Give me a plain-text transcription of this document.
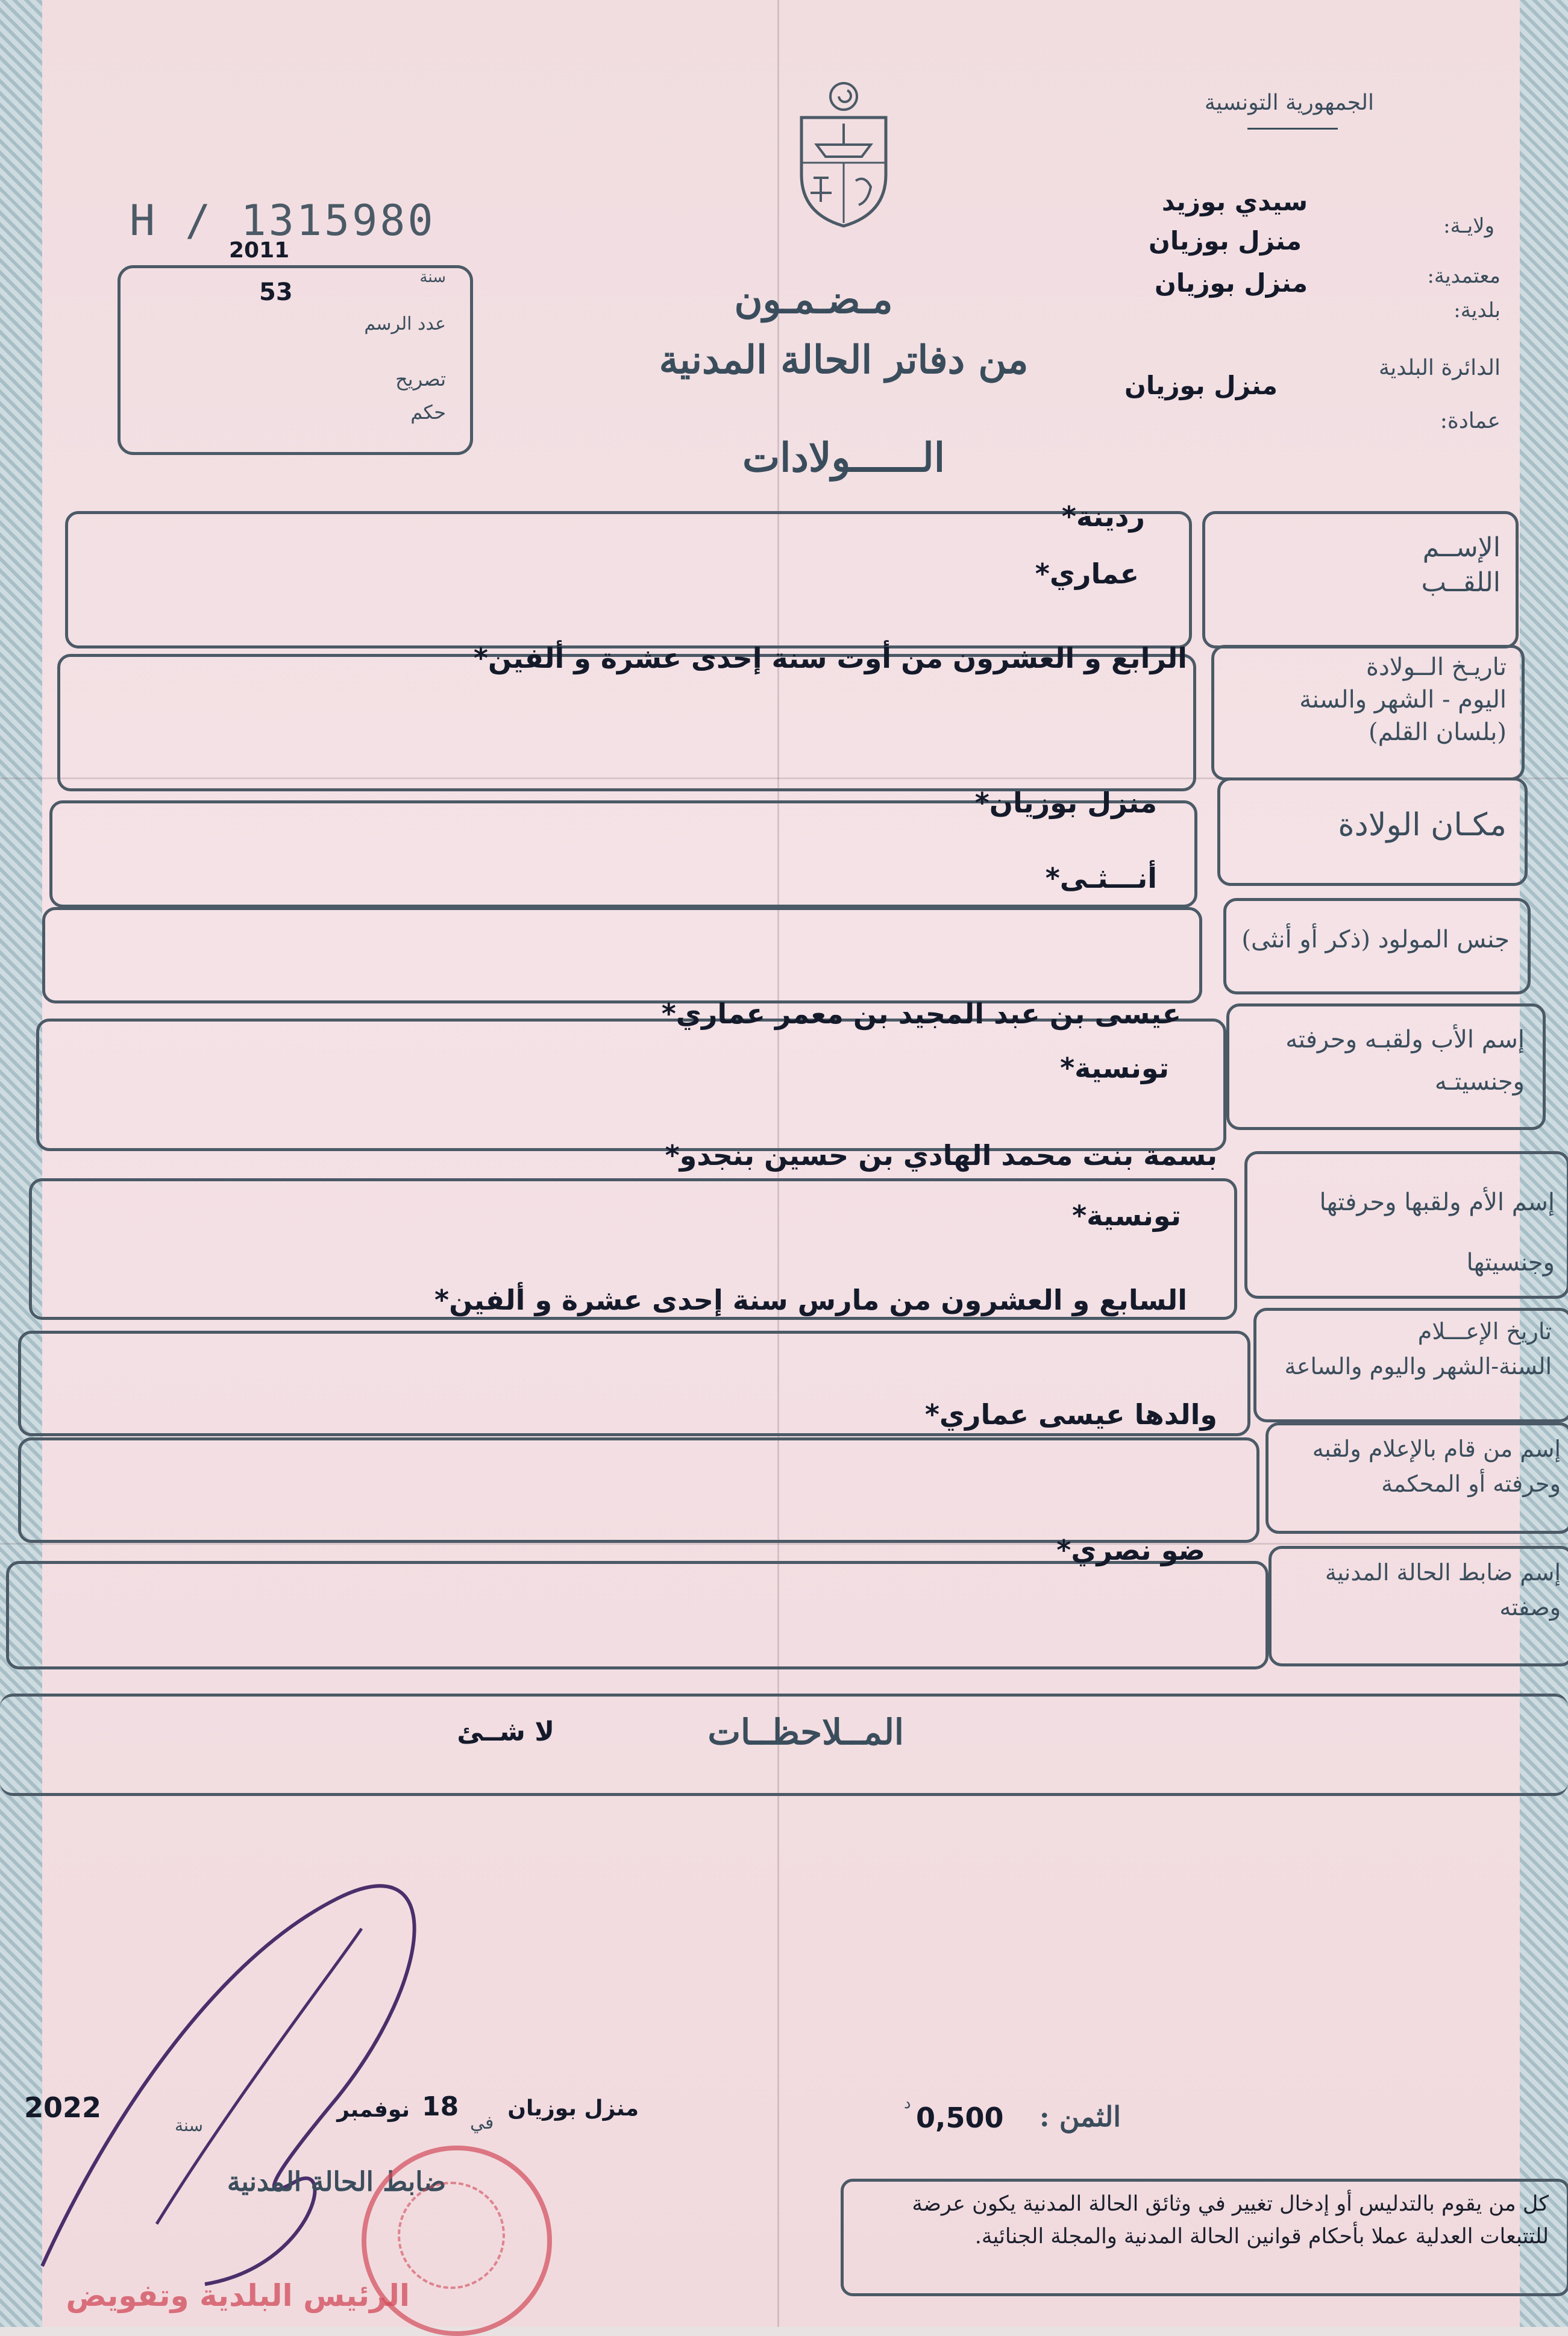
الجمهورية التونسية
H / 1315980
2011
سنة
53
عدد الرسم
تصريح
حكم
ولايـة:
سيدي بوزيد
معتمدية:
منزل بوزيان
بلدية:
منزل بوزيان
الدائرة البلدية
منزل بوزيان
عمادة:
مـضـمـون
من دفاتر الحالة المدنية
الــــــولادات
الإســم
اللقــب
ردينة*
عماري*
تاريـخ الــولادة
اليوم - الشهر والسنة
(بلسان القلم)
الرابع و العشرون من أوت سنة إحدى عشرة و ألفين*
مكـان الولادة
منزل بوزيان*
جنس المولود (ذكر أو أنثى)
أنـــثـى*
إسم الأب ولقبـه وحرفته
وجنسيتـه
عيسى بن عبد المجيد بن معمر عماري*
تونسية*
إسم الأم ولقبها وحرفتها
وجنسيتها
بسمة بنت محمد الهادي بن حسين بنجدو*
تونسية*
تاريخ الإعـــلام
السنة-الشهر واليوم والساعة
السابع و العشرون من مارس سنة إحدى عشرة و ألفين*
إسم من قام بالإعلام ولقبه
وحرفته أو المحكمة
والدها عيسى عماري*
إسم ضابط الحالة المدنية
وصفته
ضو نصري*
المــلاحظــات
لا شــئ
منزل بوزيان
في
18
نوفمبر
سنة
2022	الثمن :
0,500
د
ضابط الحالة المدنية
الرئيس البلدية وتفويض
كل من يقوم بالتدليس أو إدخال تغيير في وثائق الحالة المدنية يكون عرضة للتتبعات العدلية عملا بأحكام قوانين الحالة المدنية والمجلة الجنائية.
